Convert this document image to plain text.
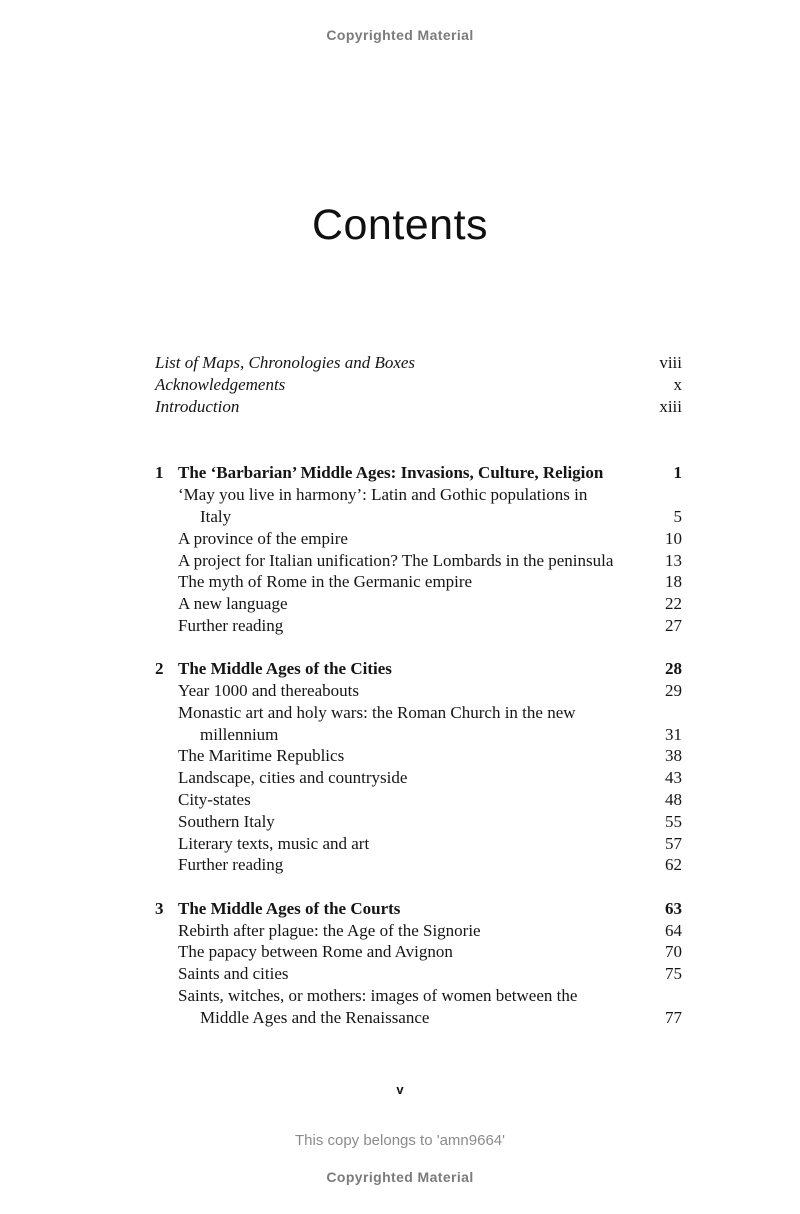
Copyrighted Material
Contents
List of Maps, Chronologies and Boxes	viii
Acknowledgements	x
Introduction	xiii
1 The ‘Barbarian’ Middle Ages: Invasions, Culture, Religion	1
‘May you live in harmony’: Latin and Gothic populations in
Italy	5
A province of the empire	10
A project for Italian unification? The Lombards in the peninsula	13
The myth of Rome in the Germanic empire	18
A new language	22
Further reading	27
2 The Middle Ages of the Cities	28
Year 1000 and thereabouts	29
Monastic art and holy wars: the Roman Church in the new
millennium	31
The Maritime Republics	38
Landscape, cities and countryside	43
City-states	48
Southern Italy	55
Literary texts, music and art	57
Further reading	62
3 The Middle Ages of the Courts	63
Rebirth after plague: the Age of the Signorie	64
The papacy between Rome and Avignon	70
Saints and cities	75
Saints, witches, or mothers: images of women between the
Middle Ages and the Renaissance	77
v
This copy belongs to 'amn9664'
Copyrighted Material
